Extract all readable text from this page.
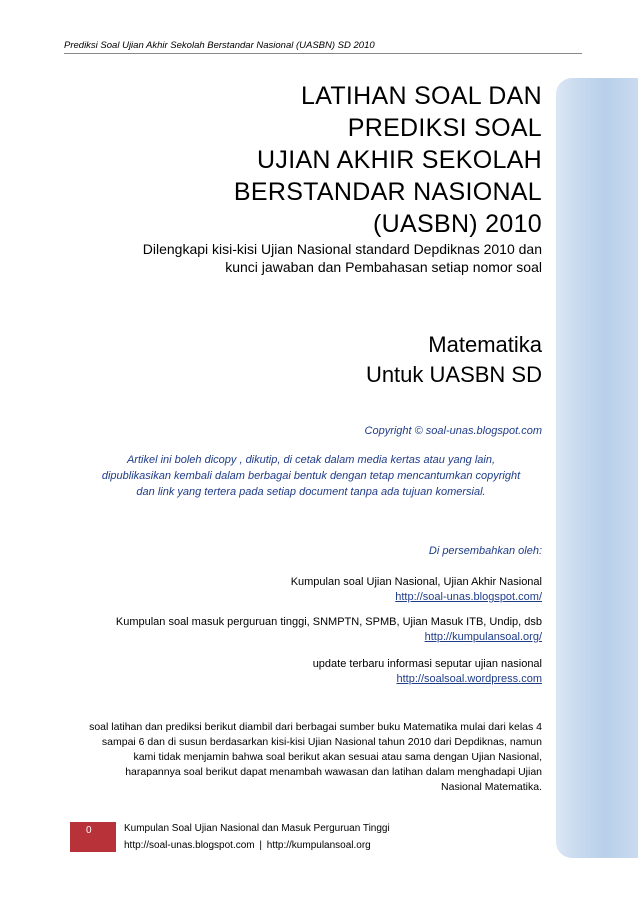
Prediksi Soal Ujian Akhir Sekolah Berstandar Nasional (UASBN) SD 2010
LATIHAN SOAL DAN
PREDIKSI SOAL
UJIAN AKHIR SEKOLAH
BERSTANDAR NASIONAL
(UASBN) 2010
Dilengkapi kisi-kisi Ujian Nasional standard Depdiknas 2010 dan
kunci jawaban dan Pembahasan setiap nomor soal
Matematika
Untuk UASBN SD
Copyright © soal-unas.blogspot.com
Artikel ini boleh dicopy , dikutip, di cetak dalam media kertas atau yang lain,
dipublikasikan kembali dalam berbagai bentuk dengan tetap mencantumkan copyright
dan link yang tertera pada setiap document tanpa ada tujuan komersial.
Di persembahkan oleh:
Kumpulan soal Ujian Nasional, Ujian Akhir Nasional
http://soal-unas.blogspot.com/
Kumpulan soal masuk perguruan tinggi, SNMPTN, SPMB, Ujian Masuk ITB, Undip, dsb
http://kumpulansoal.org/
update terbaru informasi seputar ujian nasional
http://soalsoal.wordpress.com
soal latihan dan prediksi berikut diambil dari berbagai sumber buku Matematika mulai dari kelas 4
sampai 6 dan di susun berdasarkan kisi-kisi Ujian Nasional tahun 2010 dari Depdiknas, namun
kami tidak menjamin bahwa soal berikut akan sesuai atau sama dengan Ujian Nasional,
harapannya soal berikut dapat menambah wawasan dan latihan dalam menghadapi Ujian
Nasional Matematika.
0	Kumpulan Soal Ujian Nasional dan Masuk Perguruan Tinggi
http://soal-unas.blogspot.com | http://kumpulansoal.org
